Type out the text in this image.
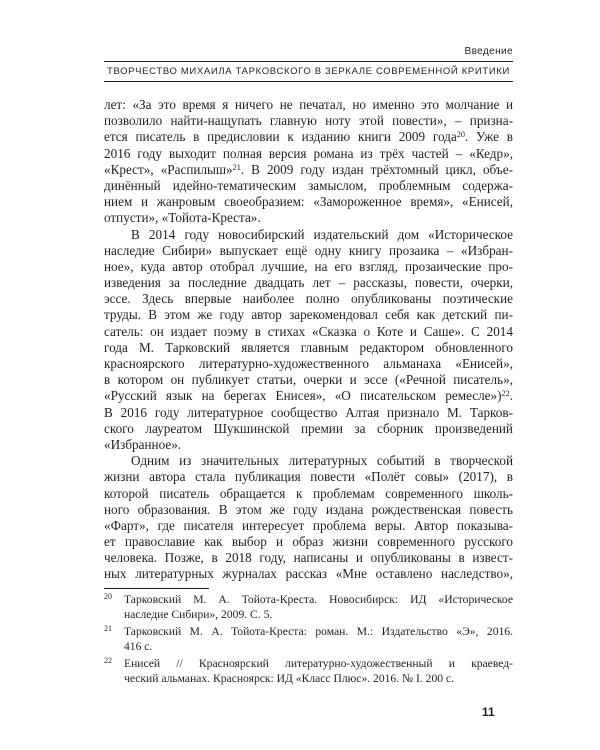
Введение
ТВОРЧЕСТВО МИХАИЛА ТАРКОВСКОГО В ЗЕРКАЛЕ СОВРЕМЕННОЙ КРИТИКИ
лет: «За это время я ничего не печатал, но именно это молчание и
позволило найти-нащупать главную ноту этой повести», – призна-
ется писатель в предисловии к изданию книги 2009 года$^{20}$. Уже в
2016 году выходит полная версия романа из трёх частей – «Кедр»,
«Крест», «Распилыш»$^{21}$. В 2009 году издан трёхтомный цикл, объе-
динённый идейно-тематическим замыслом, проблемным содержа-
нием и жанровым своеобразием: «Замороженное время», «Енисей,
отпусти», «Тойота-Креста».
В 2014 году новосибирский издательский дом «Историческое
наследие Сибири» выпускает ещё одну книгу прозаика – «Избран-
ное», куда автор отобрал лучшие, на его взгляд, прозаические про-
изведения за последние двадцать лет – рассказы, повести, очерки,
эссе. Здесь впервые наиболее полно опубликованы поэтические
труды. В этом же году автор зарекомендовал себя как детский пи-
сатель: он издает поэму в стихах «Сказка о Коте и Саше». С 2014
года М. Тарковский является главным редактором обновленного
красноярского литературно-художественного альманаха «Енисей»,
в котором он публикует статьи, очерки и эссе («Речной писатель»,
«Русский язык на берегах Енисея», «О писательском ремесле»)$^{22}$.
В 2016 году литературное сообщество Алтая признало М. Тарков-
ского лауреатом Шукшинской премии за сборник произведений
«Избранное».
Одним из значительных литературных событий в творческой
жизни автора стала публикация повести «Полёт совы» (2017), в
которой писатель обращается к проблемам современного школь-
ного образования. В этом же году издана рождественская повесть
«Фарт», где писателя интересует проблема веры. Автор показыва-
ет православие как выбор и образ жизни современного русского
человека. Позже, в 2018 году, написаны и опубликованы в извест-
ных литературных журналах рассказ «Мне оставлено наследство»,
20 Тарковский М. А. Тойота-Креста. Новосибирск: ИД «Историческое
наследие Сибири», 2009. С. 5.
21 Тарковский М. А. Тойота-Креста: роман. М.: Издательство «Э», 2016.
416 с.
22 Енисей // Красноярский литературно-художественный и краевед-
ческий альманах. Красноярск: ИД «Класс Плюс». 2016. № I. 200 с.
11
